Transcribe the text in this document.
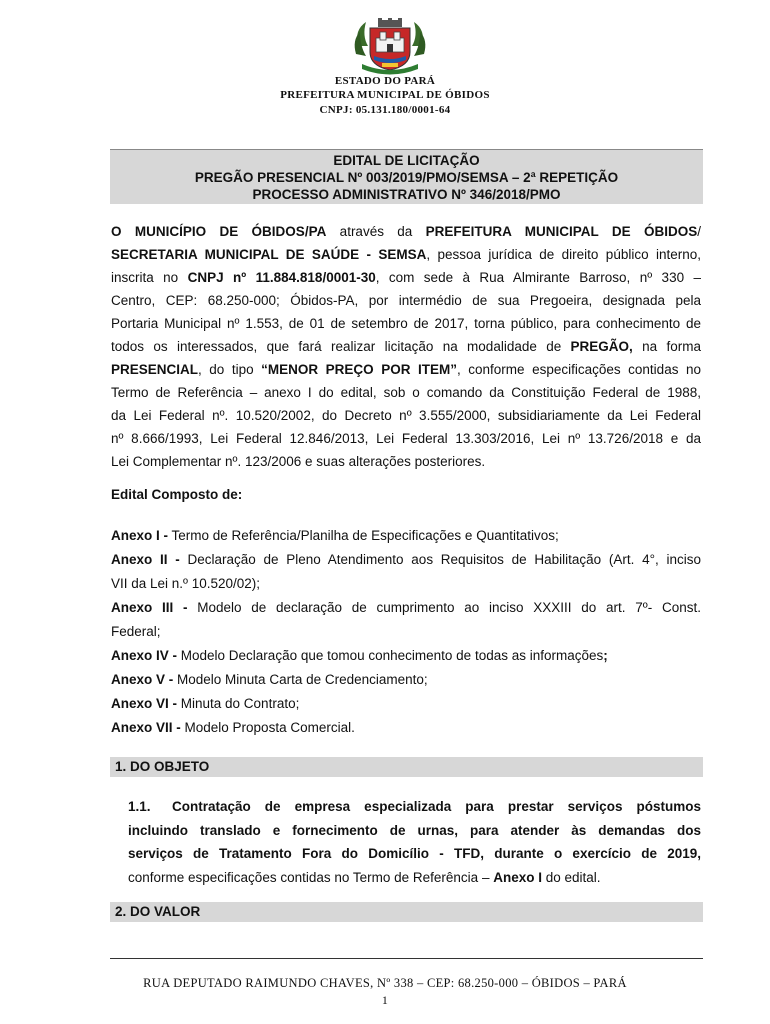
ESTADO DO PARÁ
PREFEITURA MUNICIPAL DE ÓBIDOS
CNPJ: 05.131.180/0001-64
EDITAL DE LICITAÇÃO
PREGÃO PRESENCIAL Nº 003/2019/PMO/SEMSA – 2ª REPETIÇÃO
PROCESSO ADMINISTRATIVO Nº 346/2018/PMO
O MUNICÍPIO DE ÓBIDOS/PA através da PREFEITURA MUNICIPAL DE ÓBIDOS/
SECRETARIA MUNICIPAL DE SAÚDE - SEMSA, pessoa jurídica de direito público interno,
inscrita no CNPJ nº 11.884.818/0001-30, com sede à Rua Almirante Barroso, nº 330 –
Centro, CEP: 68.250-000; Óbidos-PA, por intermédio de sua Pregoeira, designada pela
Portaria Municipal nº 1.553, de 01 de setembro de 2017, torna público, para conhecimento de
todos os interessados, que fará realizar licitação na modalidade de PREGÃO, na forma
PRESENCIAL, do tipo “MENOR PREÇO POR ITEM”, conforme especificações contidas no
Termo de Referência – anexo I do edital, sob o comando da Constituição Federal de 1988,
da Lei Federal nº. 10.520/2002, do Decreto nº 3.555/2000, subsidiariamente da Lei Federal
nº 8.666/1993, Lei Federal 12.846/2013, Lei Federal 13.303/2016, Lei nº 13.726/2018 e da
Lei Complementar nº. 123/2006 e suas alterações posteriores.
Edital Composto de:
Anexo I - Termo de Referência/Planilha de Especificações e Quantitativos;
Anexo II - Declaração de Pleno Atendimento aos Requisitos de Habilitação (Art. 4°, inciso
VII da Lei n.º 10.520/02);
Anexo III - Modelo de declaração de cumprimento ao inciso XXXIII do art. 7º- Const.
Federal;
Anexo IV - Modelo Declaração que tomou conhecimento de todas as informações;
Anexo V - Modelo Minuta Carta de Credenciamento;
Anexo VI - Minuta do Contrato;
Anexo VII - Modelo Proposta Comercial.
1. DO OBJETO
1.1. Contratação de empresa especializada para prestar serviços póstumos
incluindo translado e fornecimento de urnas, para atender às demandas dos
serviços de Tratamento Fora do Domicílio - TFD, durante o exercício de 2019,
conforme especificações contidas no Termo de Referência – Anexo I do edital.
2. DO VALOR
RUA DEPUTADO RAIMUNDO CHAVES, Nº 338 – CEP: 68.250-000 – ÓBIDOS – PARÁ
1
